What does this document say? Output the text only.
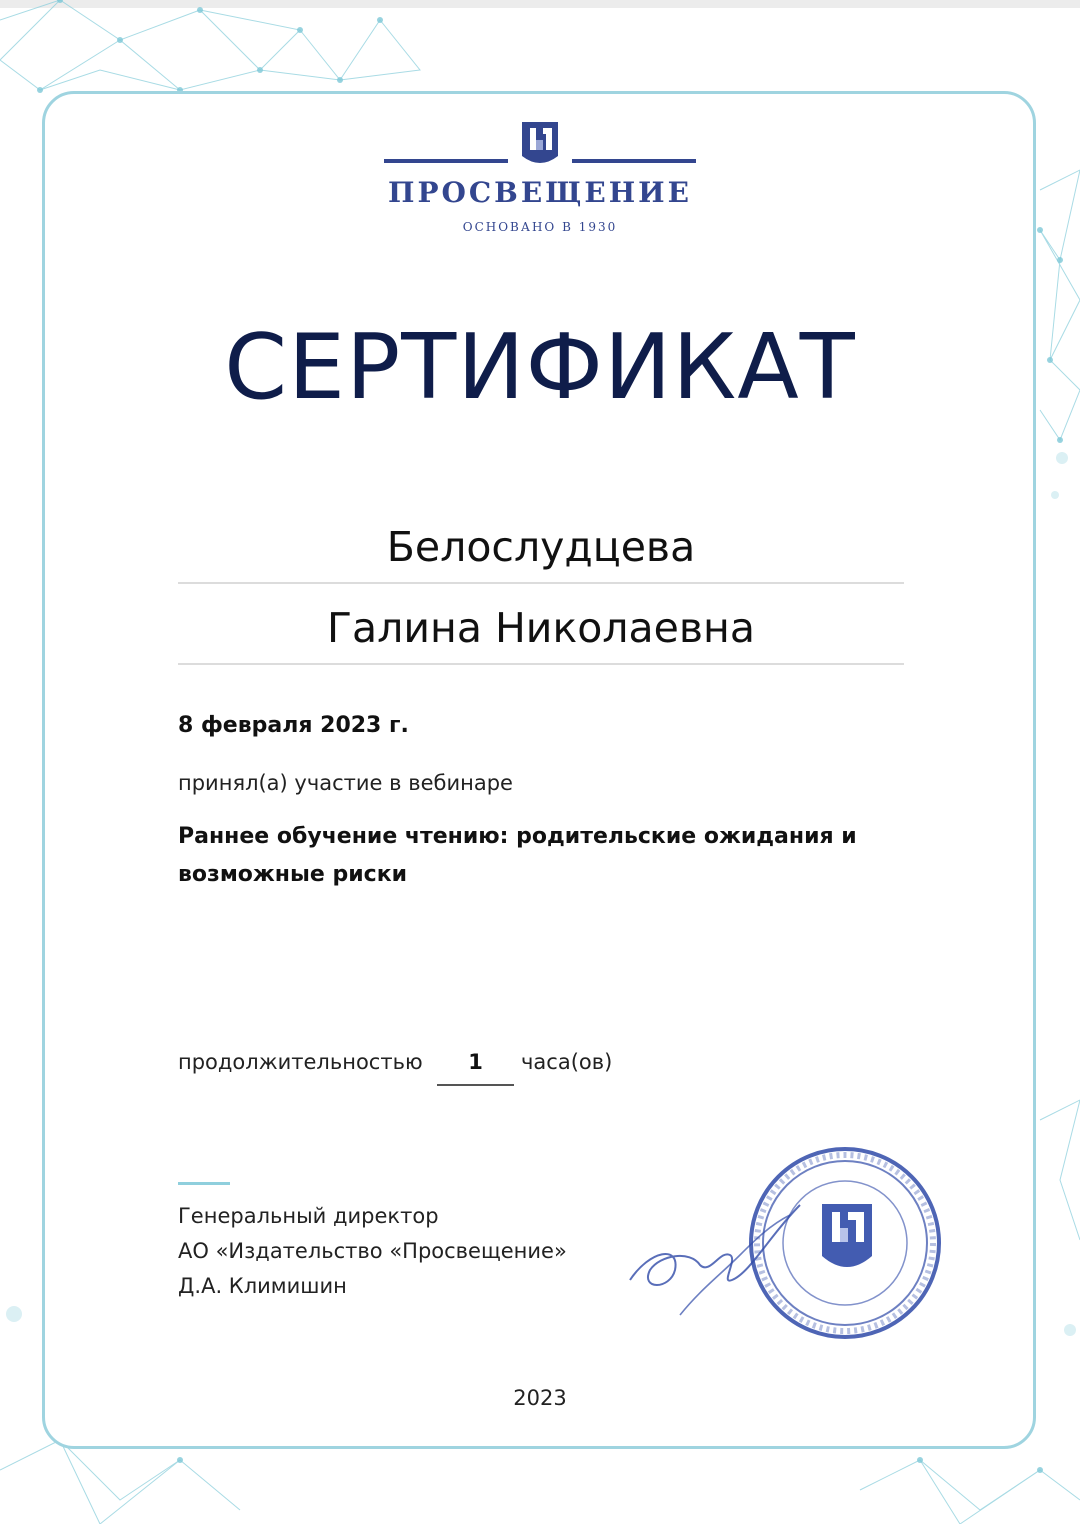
ПРОСВЕЩЕНИЕ
ОСНОВАНО В 1930
СЕРТИФИКАТ
Белослудцева
Галина Николаевна
8 февраля 2023 г.
принял(а) участие в вебинаре
Раннее обучение чтению: родительские ожидания и возможные риски
продолжительностью	1	часа(ов)
Генеральный директор
АО «Издательство «Просвещение»
Д.А. Климишин
2023
